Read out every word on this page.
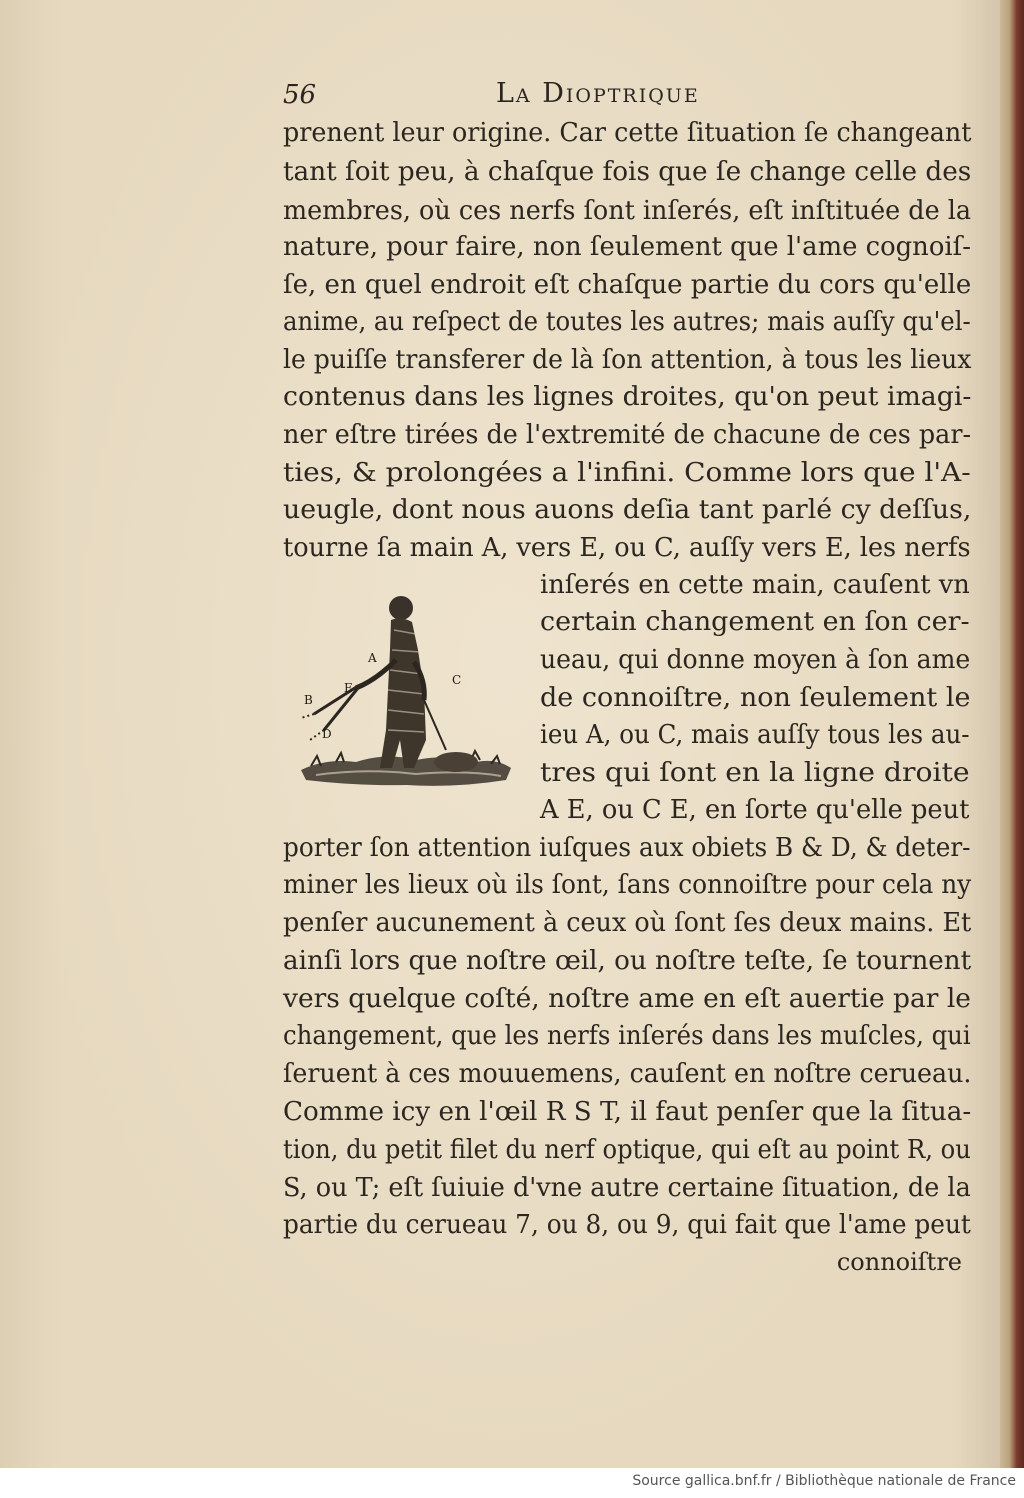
56	La Dioptrique
prenent leur origine. Car cette ſituation ſe changeant
tant ſoit peu, à chaſque fois que ſe change celle des
membres, où ces nerfs ſont inſerés, eſt inſtituée de la
nature, pour faire, non ſeulement que l'ame cognoiſ-
ſe, en quel endroit eſt chaſque partie du cors qu'elle
anime, au reſpect de toutes les autres; mais auſſy qu'el-
le puiſſe transferer de là ſon attention, à tous les lieux
contenus dans les lignes droites, qu'on peut imagi-
ner eſtre tirées de l'extremité de chacune de ces par-
ties, & prolongées a l'infini. Comme lors que l'A-
ueugle, dont nous auons deſia tant parlé cy deſſus,
tourne ſa main A, vers E, ou C, auſſy vers E, les nerfs
A
B
C
D
E
inſerés en cette main, cauſent vn
certain changement en ſon cer-
ueau, qui donne moyen à ſon ame
de connoiſtre, non ſeulement le
ieu A, ou C, mais auſſy tous les au-
tres qui ſont en la ligne droite
A E, ou C E, en ſorte qu'elle peut
porter ſon attention iuſques aux obiets B & D, & deter-
miner les lieux où ils ſont, ſans connoiſtre pour cela ny
penſer aucunement à ceux où ſont ſes deux mains. Et
ainſi lors que noſtre œil, ou noſtre teſte, ſe tournent
vers quelque coſté, noſtre ame en eſt auertie par le
changement, que les nerfs inſerés dans les muſcles, qui
ſeruent à ces mouuemens, cauſent en noſtre cerueau.
Comme icy en l'œil R S T, il faut penſer que la ſitua-
tion, du petit filet du nerf optique, qui eſt au point R, ou
S, ou T; eſt ſuiuie d'vne autre certaine ſituation, de la
partie du cerueau 7, ou 8, ou 9, qui fait que l'ame peut
connoiſtre
Source gallica.bnf.fr / Bibliothèque nationale de France
